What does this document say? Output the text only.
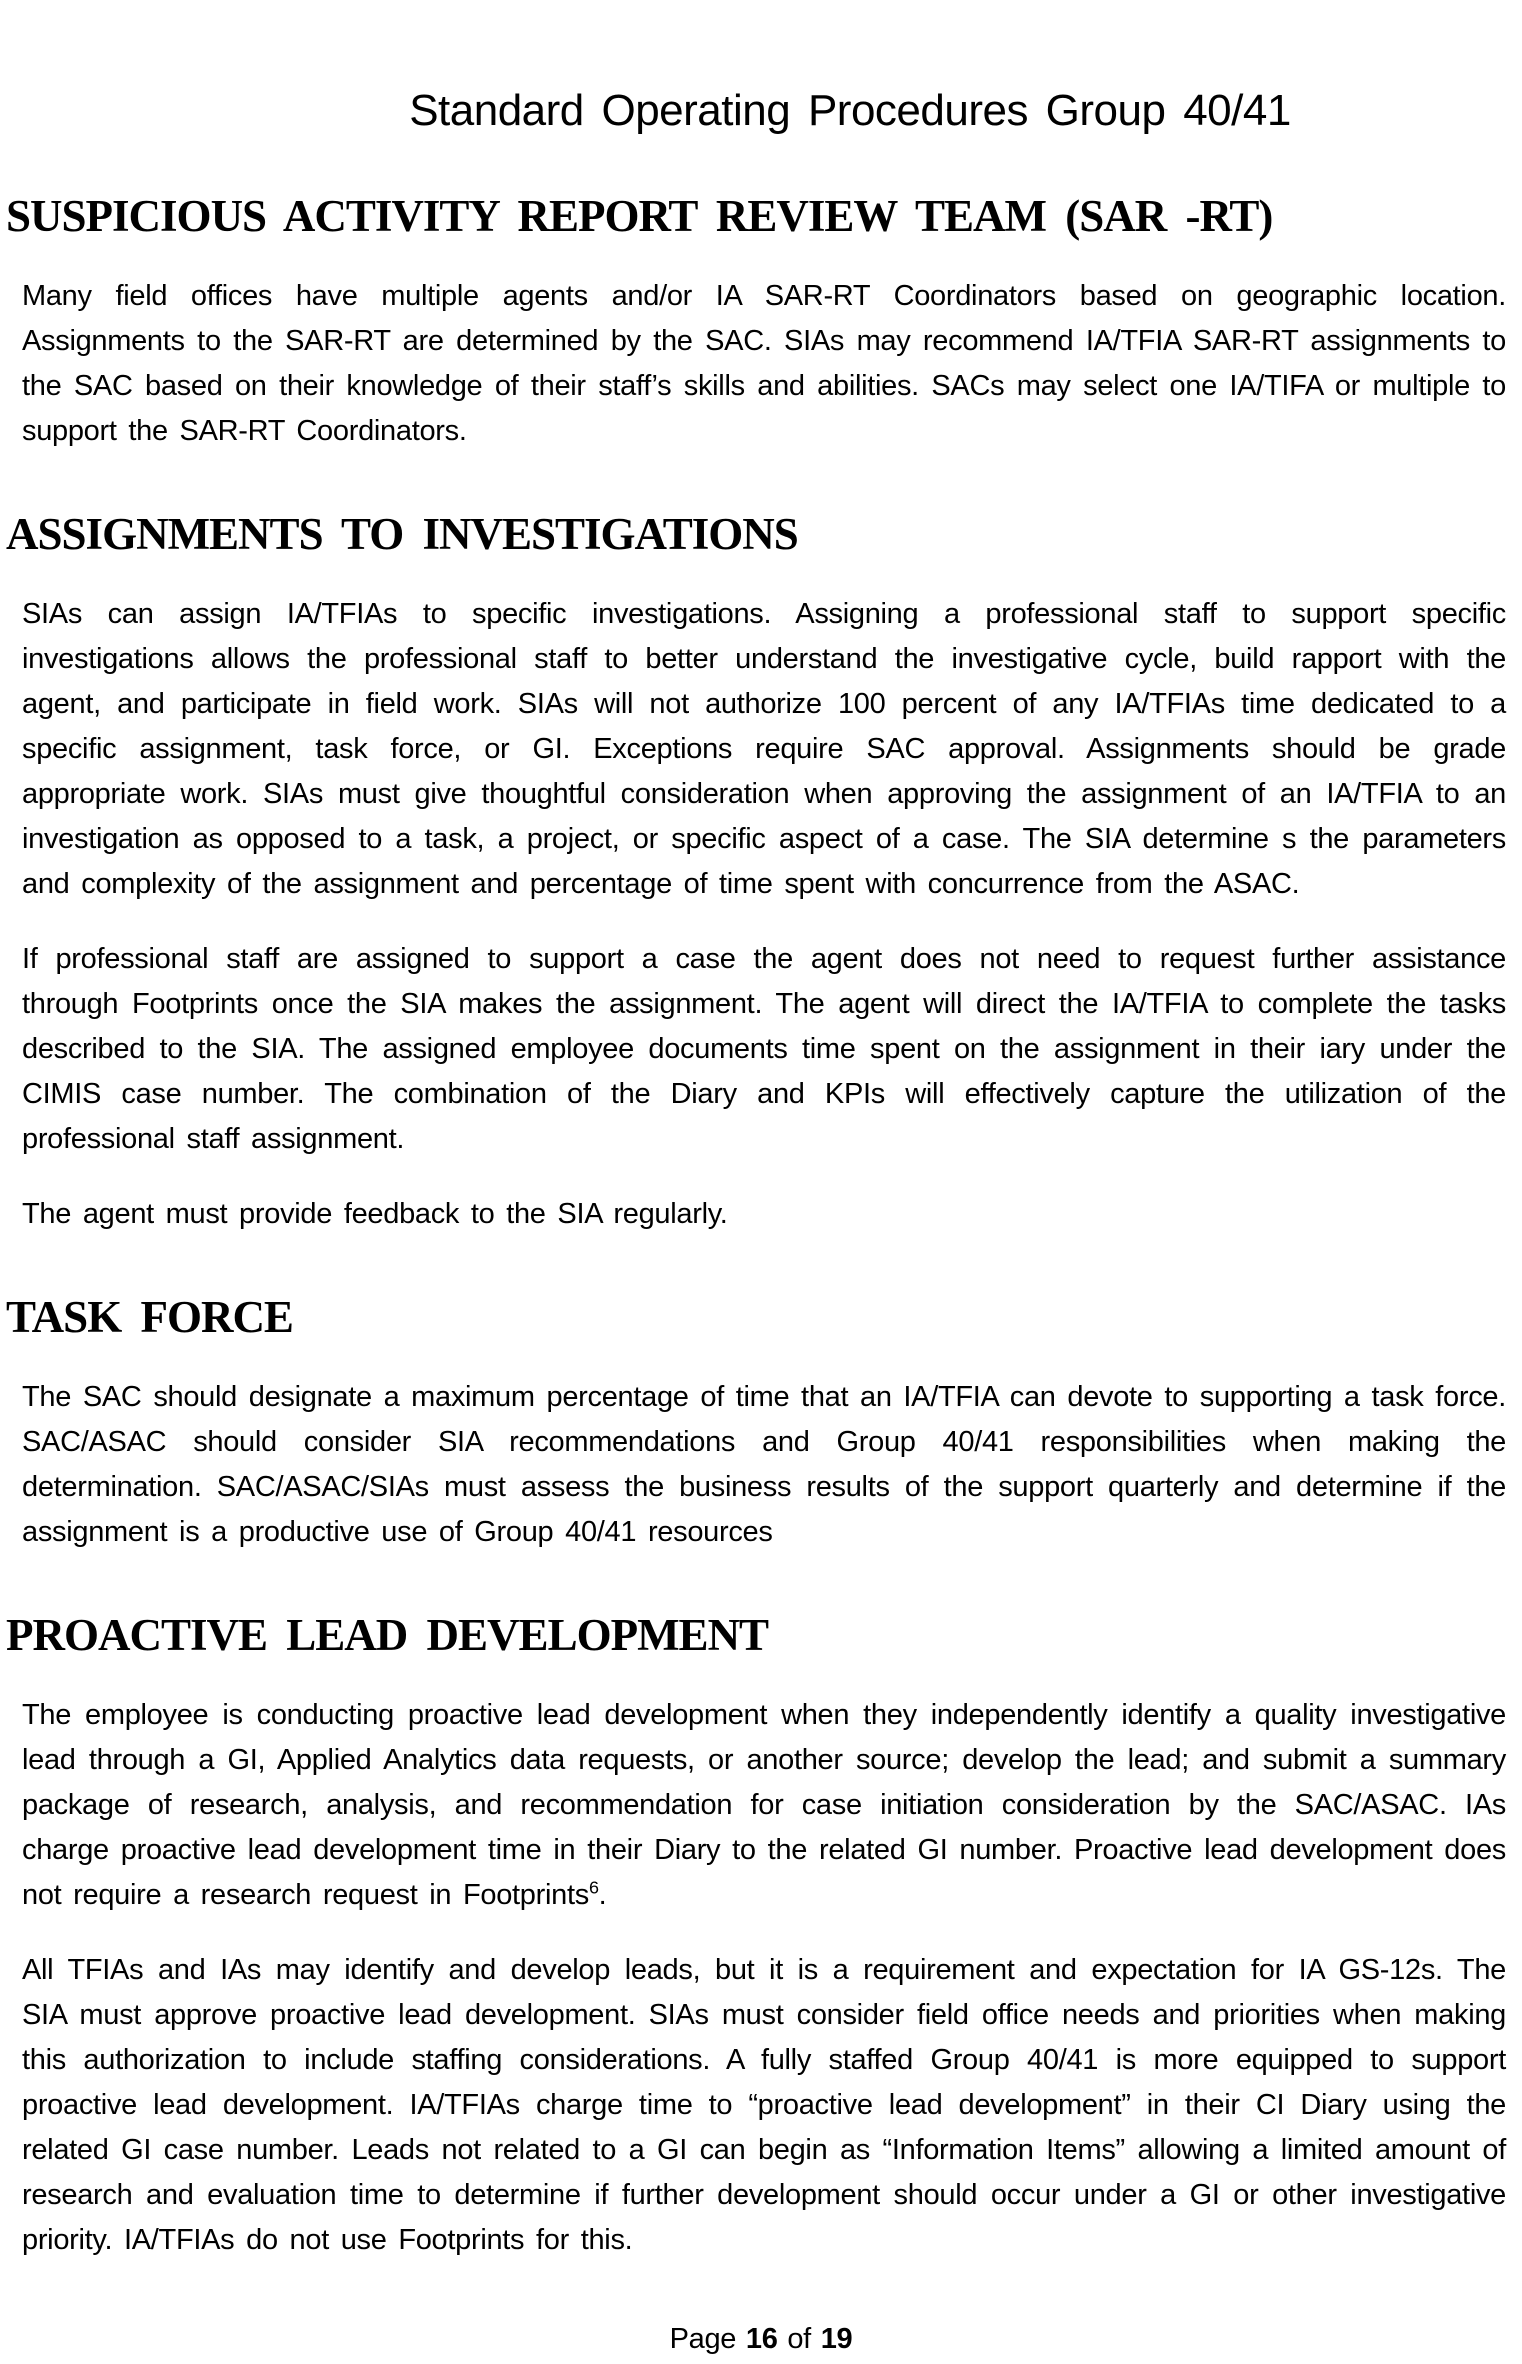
Standard Operating Procedures Group 40/41
SUSPICIOUS ACTIVITY REPORT REVIEW TEAM (SAR -RT)

Many field offices have multiple agents and/or IA SAR-RT Coordinators based on geographic location. Assignments to the SAR-RT are determined by the SAC. SIAs may recommend IA/TFIA SAR-RT assignments to the SAC based on their knowledge of their staff’s skills and abilities. SACs may select one IA/TIFA or multiple to support the SAR-RT Coordinators.

ASSIGNMENTS TO INVESTIGATIONS

SIAs can assign IA/TFIAs to specific investigations. Assigning a professional staff to support specific investigations allows the professional staff to better understand the investigative cycle, build rapport with the agent, and participate in field work. SIAs will not authorize 100 percent of any IA/TFIAs time dedicated to a specific assignment, task force, or GI. Exceptions require SAC approval. Assignments should be grade appropriate work. SIAs must give thoughtful consideration when approving the assignment of an IA/TFIA to an investigation as opposed to a task, a project, or specific aspect of a case. The SIA determine s the parameters and complexity of the assignment and percentage of time spent with concurrence from the ASAC.

If professional staff are assigned to support a case the agent does not need to request further assistance through Footprints once the SIA makes the assignment. The agent will direct the IA/TFIA to complete the tasks described to the SIA. The assigned employee documents time spent on the assignment in their iary under the CIMIS case number. The combination of the Diary and KPIs will effectively capture the utilization of the professional staff assignment.

The agent must provide feedback to the SIA regularly.

TASK FORCE

The SAC should designate a maximum percentage of time that an IA/TFIA can devote to supporting a task force. SAC/ASAC should consider SIA recommendations and Group 40/41 responsibilities when making the determination. SAC/ASAC/SIAs must assess the business results of the support quarterly and determine if the assignment is a productive use of Group 40/41 resources

PROACTIVE LEAD DEVELOPMENT

The employee is conducting proactive lead development when they independently identify a quality investigative lead through a GI, Applied Analytics data requests, or another source; develop the lead; and submit a summary package of research, analysis, and recommendation for case initiation consideration by the SAC/ASAC. IAs charge proactive lead development time in their Diary to the related GI number. Proactive lead development does not require a research request in Footprints$^6$.

All TFIAs and IAs may identify and develop leads, but it is a requirement and expectation for IA GS-12s. The SIA must approve proactive lead development. SIAs must consider field office needs and priorities when making this authorization to include staffing considerations. A fully staffed Group 40/41 is more equipped to support proactive lead development. IA/TFIAs charge time to “proactive lead development” in their CI Diary using the related GI case number. Leads not related to a GI can begin as “Information Items” allowing a limited amount of research and evaluation time to determine if further development should occur under a GI or other investigative priority. IA/TFIAs do not use Footprints for this.

Page 16 of 19
